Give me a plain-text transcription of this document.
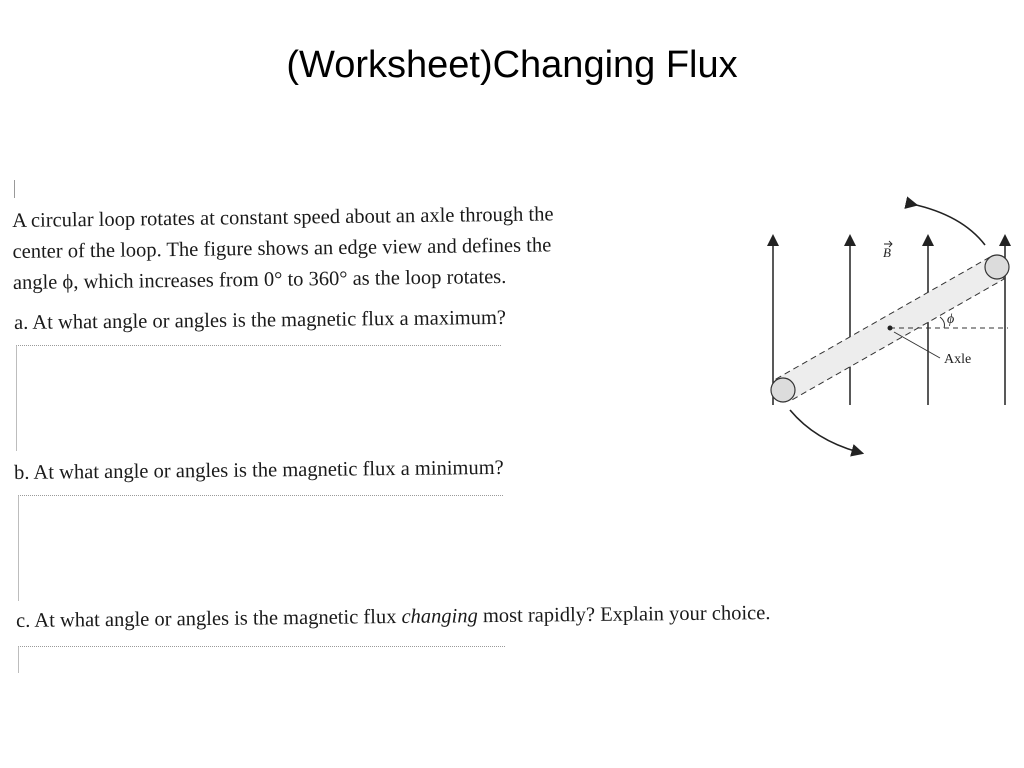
(Worksheet)Changing Flux
A circular loop rotates at constant speed about an axle through the
center of the loop. The figure shows an edge view and defines the
angle ϕ, which increases from 0° to 360° as the loop rotates.
a. At what angle or angles is the magnetic flux a maximum?
b. At what angle or angles is the magnetic flux a minimum?
c. At what angle or angles is the magnetic flux changing most rapidly? Explain your choice.
B
ϕ
Axle
